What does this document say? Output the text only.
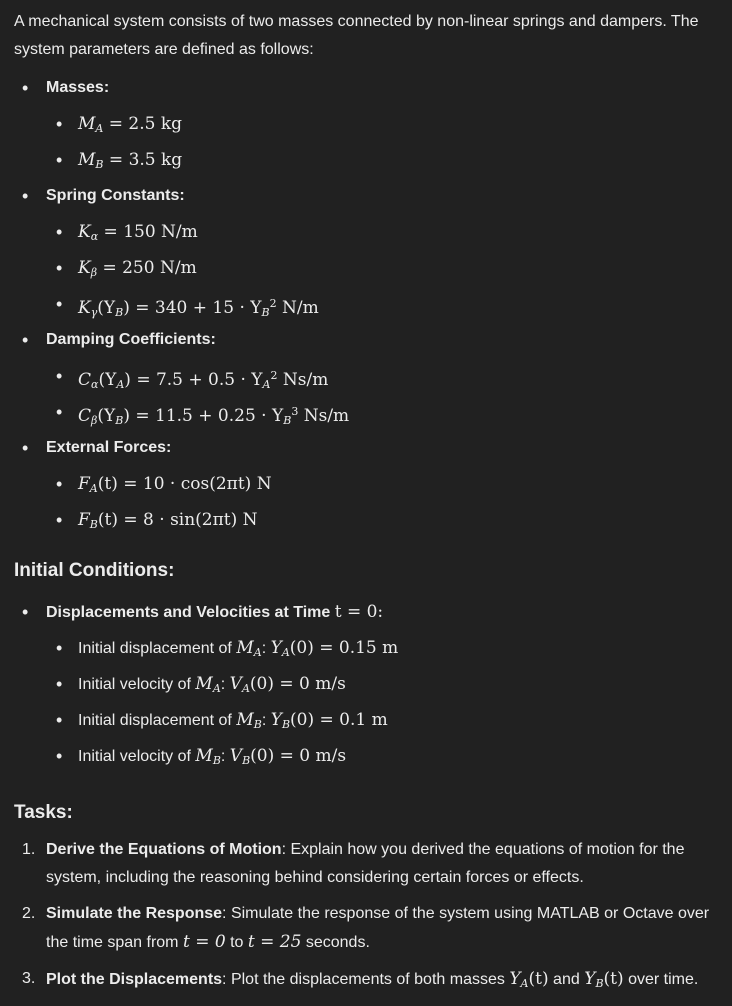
A mechanical system consists of two masses connected by non-linear springs and dampers. The system parameters are defined as follows:

• Masses:
• $M_A = 2.5$ kg
• $M_B = 3.5$ kg
• Spring Constants:
• $K_\alpha = 150$ N/m
• $K_\beta = 250$ N/m
• $K_\gamma(Y_B) = 340 + 15 \cdot Y_B^2$ N/m
• Damping Coefficients:
• $C_\alpha(Y_A) = 7.5 + 0.5 \cdot Y_A^2$ Ns/m
• $C_\beta(Y_B) = 11.5 + 0.25 \cdot Y_B^3$ Ns/m
• External Forces:
• $F_A(t) = 10 \cdot \cos(2\pi t)$ N
• $F_B(t) = 8 \cdot \sin(2\pi t)$ N
Initial Conditions:
• Displacements and Velocities at Time t = 0:
• Initial displacement of $M_A$: $Y_A(0) = 0.15$ m
• Initial velocity of $M_A$: $V_A(0) = 0$ m/s
• Initial displacement of $M_B$: $Y_B(0) = 0.1$ m
• Initial velocity of $M_B$: $V_B(0) = 0$ m/s
Tasks:
1. Derive the Equations of Motion: Explain how you derived the equations of motion for the system, including the reasoning behind considering certain forces or effects.
2. Simulate the Response: Simulate the response of the system using MATLAB or Octave over the time span from t = 0 to t = 25 seconds.
3. Plot the Displacements: Plot the displacements of both masses $Y_A(t)$ and $Y_B(t)$ over time.
